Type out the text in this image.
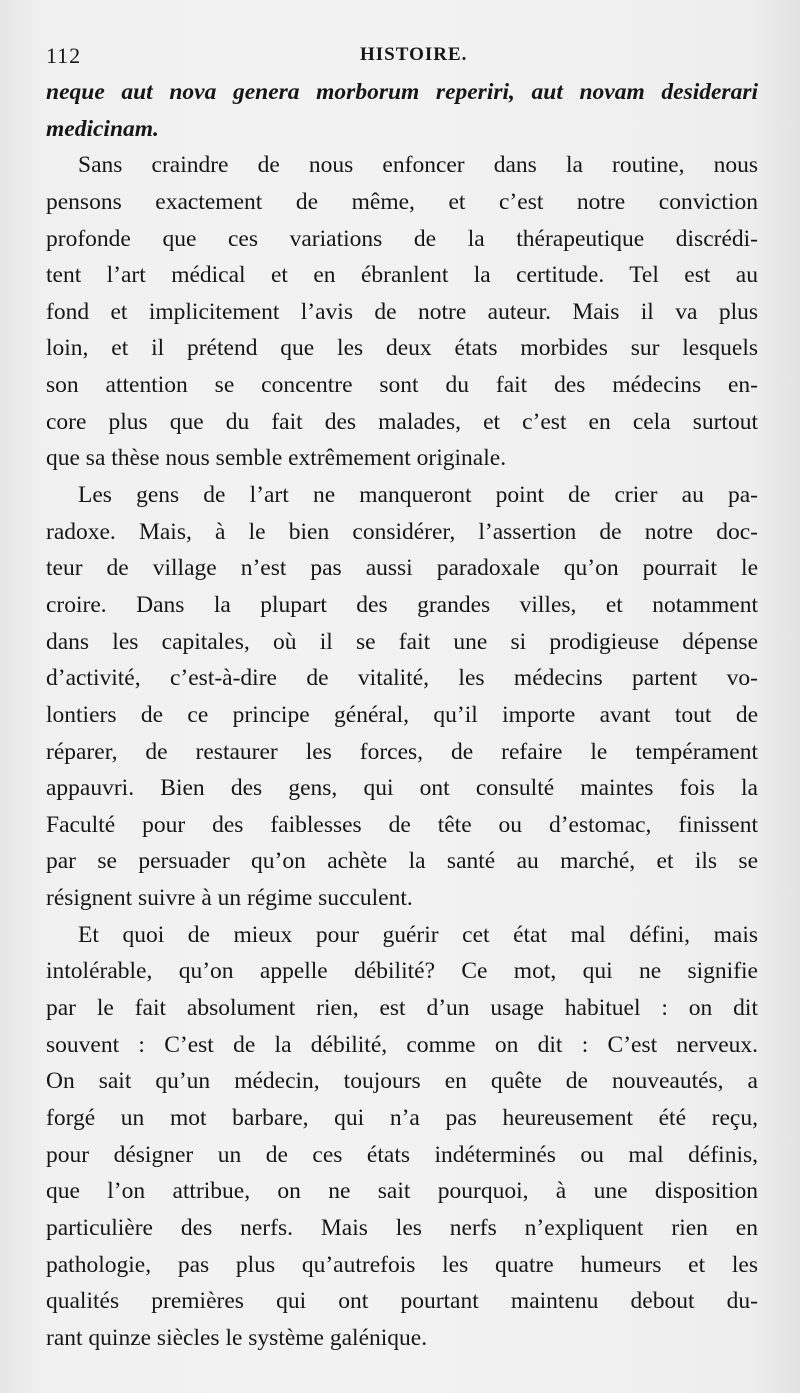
112	HISTOIRE.
neque aut nova genera morborum reperiri, aut novam desiderari
medicinam.
Sans craindre de nous enfoncer dans la routine, nous
pensons exactement de même, et c’est notre conviction
profonde que ces variations de la thérapeutique discrédi-
tent l’art médical et en ébranlent la certitude. Tel est au
fond et implicitement l’avis de notre auteur. Mais il va plus
loin, et il prétend que les deux états morbides sur lesquels
son attention se concentre sont du fait des médecins en-
core plus que du fait des malades, et c’est en cela surtout
que sa thèse nous semble extrêmement originale.
Les gens de l’art ne manqueront point de crier au pa-
radoxe. Mais, à le bien considérer, l’assertion de notre doc-
teur de village n’est pas aussi paradoxale qu’on pourrait le
croire. Dans la plupart des grandes villes, et notamment
dans les capitales, où il se fait une si prodigieuse dépense
d’activité, c’est-à-dire de vitalité, les médecins partent vo-
lontiers de ce principe général, qu’il importe avant tout de
réparer, de restaurer les forces, de refaire le tempérament
appauvri. Bien des gens, qui ont consulté maintes fois la
Faculté pour des faiblesses de tête ou d’estomac, finissent
par se persuader qu’on achète la santé au marché, et ils se
résignent suivre à un régime succulent.
Et quoi de mieux pour guérir cet état mal défini, mais
intolérable, qu’on appelle débilité? Ce mot, qui ne signifie
par le fait absolument rien, est d’un usage habituel : on dit
souvent : C’est de la débilité, comme on dit : C’est nerveux.
On sait qu’un médecin, toujours en quête de nouveautés, a
forgé un mot barbare, qui n’a pas heureusement été reçu,
pour désigner un de ces états indéterminés ou mal définis,
que l’on attribue, on ne sait pourquoi, à une disposition
particulière des nerfs. Mais les nerfs n’expliquent rien en
pathologie, pas plus qu’autrefois les quatre humeurs et les
qualités premières qui ont pourtant maintenu debout du-
rant quinze siècles le système galénique.
